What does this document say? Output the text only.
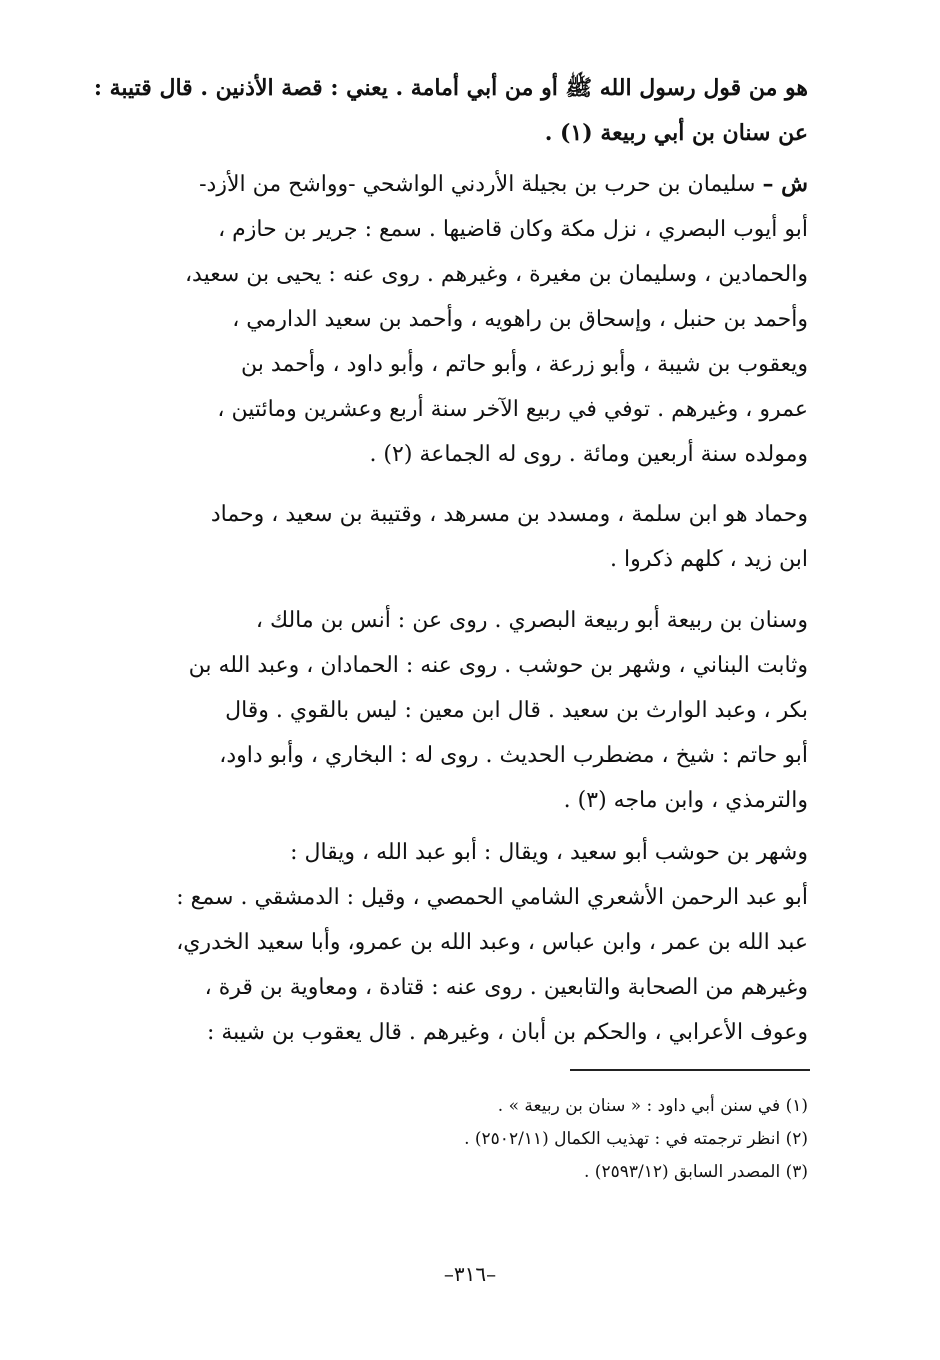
هو من قول رسول الله ﷺ أو من أبي أمامة . يعني : قصة الأذنين . قال قتيبة :
عن سنان بن أبي ربيعة (١) .
ش – سليمان بن حرب بن بجيلة الأردني الواشحي -وواشح من الأزد-
أبو أيوب البصري ، نزل مكة وكان قاضيها . سمع : جرير بن حازم ،
والحمادين ، وسليمان بن مغيرة ، وغيرهم . روى عنه : يحيى بن سعيد،
وأحمد بن حنبل ، وإسحاق بن راهويه ، وأحمد بن سعيد الدارمي ،
ويعقوب بن شيبة ، وأبو زرعة ، وأبو حاتم ، وأبو داود ، وأحمد بن
عمرو ، وغيرهم . توفي في ربيع الآخر سنة أربع وعشرين ومائتين ،
ومولده سنة أربعين ومائة . روى له الجماعة (٢) .
وحماد هو ابن سلمة ، ومسدد بن مسرهد ، وقتيبة بن سعيد ، وحماد
ابن زيد ، كلهم ذكروا .
وسنان بن ربيعة أبو ربيعة البصري . روى عن : أنس بن مالك ،
وثابت البناني ، وشهر بن حوشب . روى عنه : الحمادان ، وعبد الله بن
بكر ، وعبد الوارث بن سعيد . قال ابن معين : ليس بالقوي . وقال
أبو حاتم : شيخ ، مضطرب الحديث . روى له : البخاري ، وأبو داود،
والترمذي ، وابن ماجه (٣) .
وشهر بن حوشب أبو سعيد ، ويقال : أبو عبد الله ، ويقال :
أبو عبد الرحمن الأشعري الشامي الحمصي ، وقيل : الدمشقي . سمع :
عبد الله بن عمر ، وابن عباس ، وعبد الله بن عمرو، وأبا سعيد الخدري،
وغيرهم من الصحابة والتابعين . روى عنه : قتادة ، ومعاوية بن قرة ،
وعوف الأعرابي ، والحكم بن أبان ، وغيرهم . قال يعقوب بن شيبة :
(١) في سنن أبي داود : « سنان بن ربيعة » .
(٢) انظر ترجمته في : تهذيب الكمال (٢٥٠٢/١١) .
(٣) المصدر السابق (٢٥٩٣/١٢) .
–٣١٦–
